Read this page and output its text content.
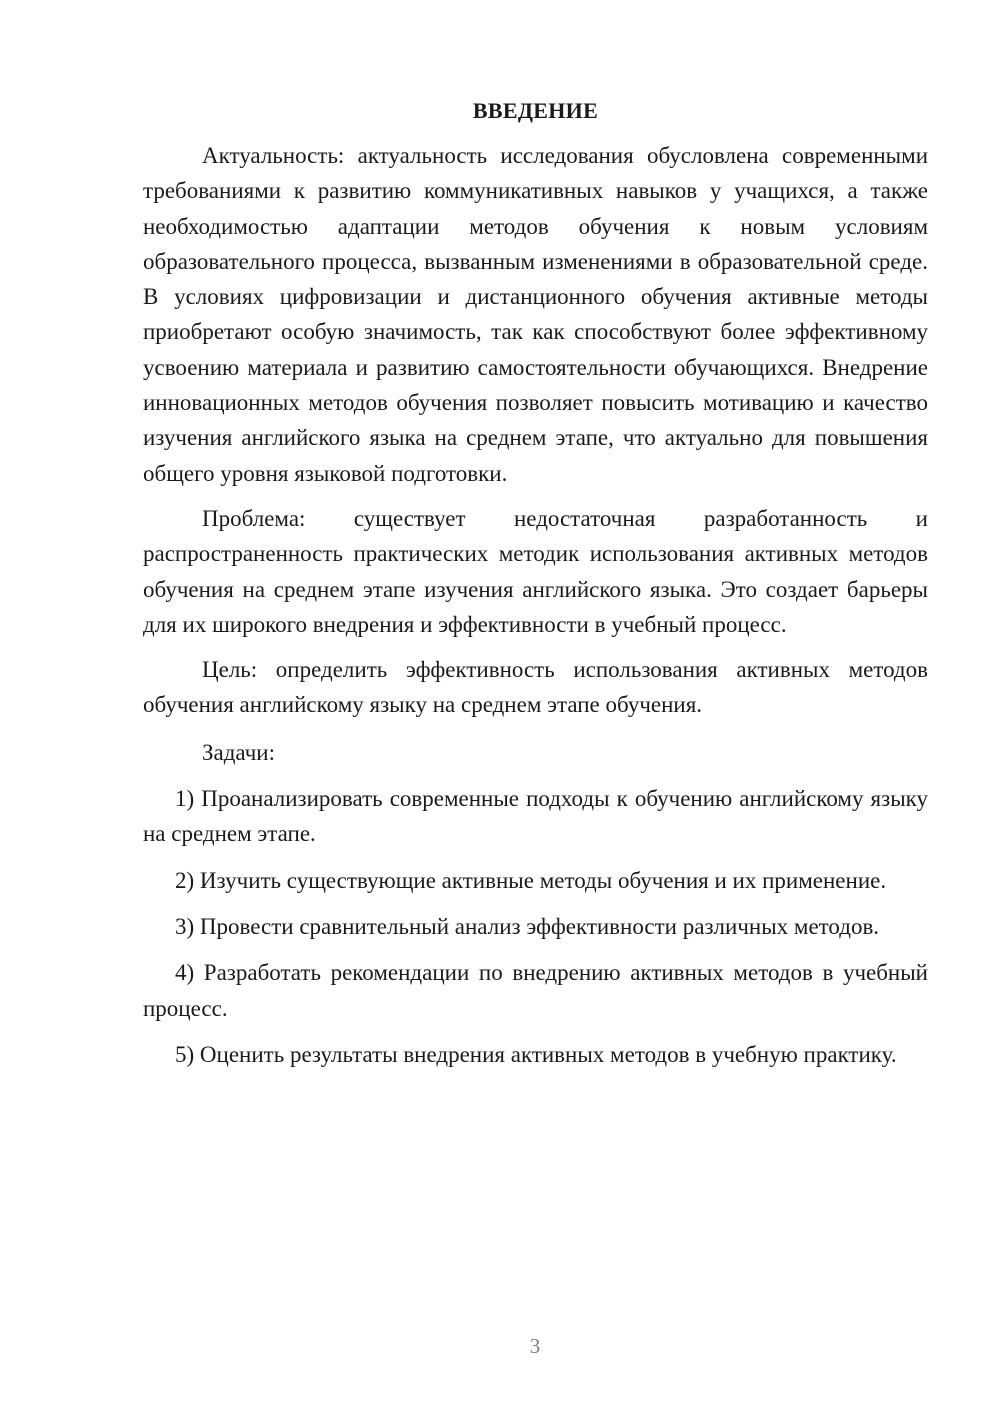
ВВЕДЕНИЕ

Актуальность: актуальность исследования обусловлена современными требованиями к развитию коммуникативных навыков у учащихся, а также необходимостью адаптации методов обучения к новым условиям образовательного процесса, вызванным изменениями в образовательной среде. В условиях цифровизации и дистанционного обучения активные методы приобретают особую значимость, так как способствуют более эффективному усвоению материала и развитию самостоятельности обучающихся. Внедрение инновационных методов обучения позволяет повысить мотивацию и качество изучения английского языка на среднем этапе, что актуально для повышения общего уровня языковой подготовки.

Проблема: существует недостаточная разработанность и распространенность практических методик использования активных методов обучения на среднем этапе изучения английского языка. Это создает барьеры для их широкого внедрения и эффективности в учебный процесс.

Цель: определить эффективность использования активных методов обучения английскому языку на среднем этапе обучения.

Задачи:

1) Проанализировать современные подходы к обучению английскому языку на среднем этапе.

2) Изучить существующие активные методы обучения и их применение.

3) Провести сравнительный анализ эффективности различных методов.

4) Разработать рекомендации по внедрению активных методов в учебный процесс.

5) Оценить результаты внедрения активных методов в учебную практику.

3
